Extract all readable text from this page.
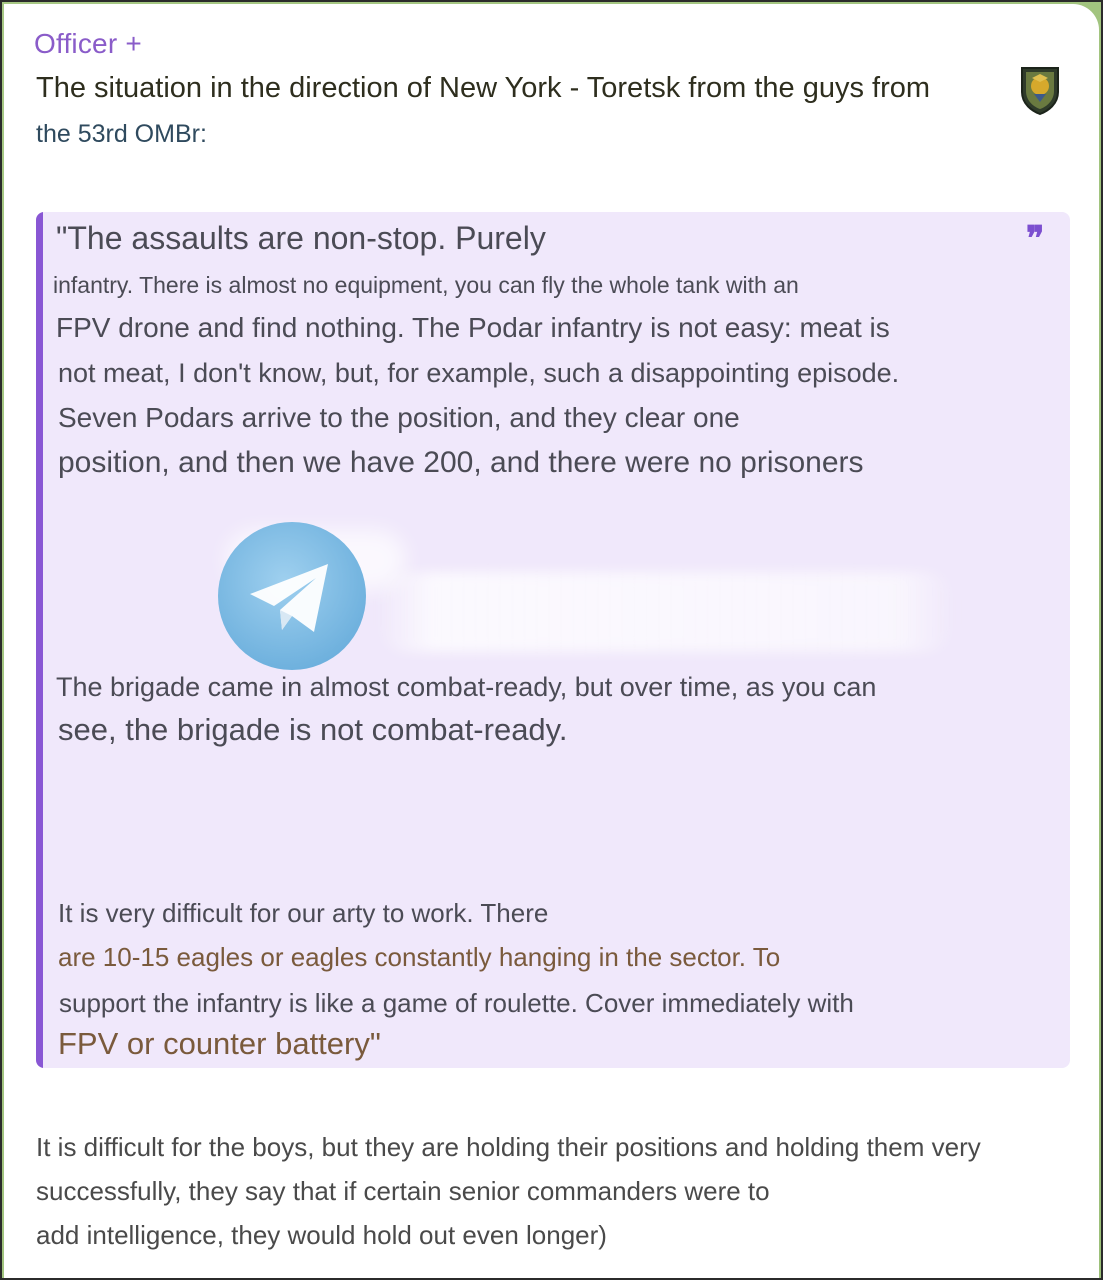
Officer +
The situation in the direction of New York - Toretsk from the guys from
the 53rd OMBr:
❞
"The assaults are non-stop. Purely
infantry. There is almost no equipment, you can fly the whole tank with an
FPV drone and find nothing. The Podar infantry is not easy: meat is
not meat, I don't know, but, for example, such a disappointing episode.
Seven Podars arrive to the position, and they clear one
position, and then we have 200, and there were no prisoners
The brigade came in almost combat-ready, but over time, as you can
see, the brigade is not combat-ready.
It is very difficult for our arty to work. There
are 10-15 eagles or eagles constantly hanging in the sector. To
support the infantry is like a game of roulette. Cover immediately with
FPV or counter battery"
It is difficult for the boys, but they are holding their positions and holding them very
successfully, they say that if certain senior commanders were to
add intelligence, they would hold out even longer)
